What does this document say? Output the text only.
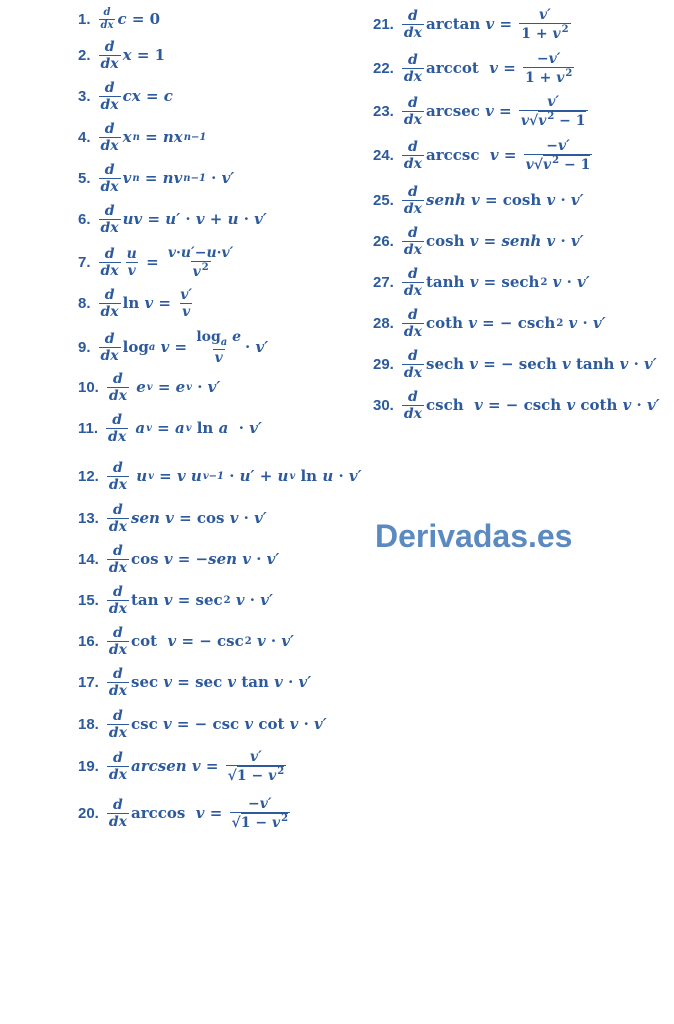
1. $\frac{d}{dx}$ c = 0
2. $\frac{d}{dx}$ x = 1
3. $\frac{d}{dx}$ cx = c
4. $\frac{d}{dx}$ x n = nx n−1
5. $\frac{d}{dx}$ v n = nv n−1 · v′
6. $\frac{d}{dx}$ uv = u′ · v + u · v′
7. $\frac{d}{dx} \frac{u}{v} = \frac{v\cdot u'-u\cdot v'}{v^2}$
8. $\frac{d}{dx}$ $\ln v = \frac{v'}{v}$
9. $\frac{d}{dx}$ log a
$v = \frac{\log_a e}{v} \cdot v'$
10. $\frac{d}{dx}$
e v = e v · v′
11. $\frac{d}{dx}$
a v = a v ln a · v′
12. $\frac{d}{dx}$
u v = v
u v−1 · u′ + u v ln u · v′
13. $\frac{d}{dx}$ sen
v = cos v · v′
14. $\frac{d}{dx}$ cos v = − sen
v · v′
15. $\frac{d}{dx}$ tan v = sec 2
v · v′
16. $\frac{d}{dx}$ cot v = − csc 2
v · v′
17. $\frac{d}{dx}$ sec v = sec v tan v · v′
18. $\frac{d}{dx}$ csc v = − csc v cot v · v′
19. $\frac{d}{dx}$ arcsen
$v = \frac{v'}{√1 - v^2}$
20. $\frac{d}{dx}$ $\arccos v = \frac{-v'}{√1 - v^2}$
21. $\frac{d}{dx}$ $\arctan v = \frac{v'}{1 + v^2}$
22. $\frac{d}{dx}$ arccot $v = \frac{-v'}{1 + v^2}$
23. $\frac{d}{dx}$ arcsec $v = \frac{v'}{v√v^2 - 1}$
24. $\frac{d}{dx}$ arccsc $v = \frac{-v'}{v√v^2 - 1}$
25. $\frac{d}{dx}$ senh
v = cosh v · v′
26. $\frac{d}{dx}$ cosh v = senh
v · v′
27. $\frac{d}{dx}$ tanh v = sech 2
v · v′
28. $\frac{d}{dx}$ coth v = − csch 2
v · v′
29. $\frac{d}{dx}$ sech v = − sech v tanh v · v′
30. $\frac{d}{dx}$ csch v = − csch v coth v · v′
Derivadas.es
